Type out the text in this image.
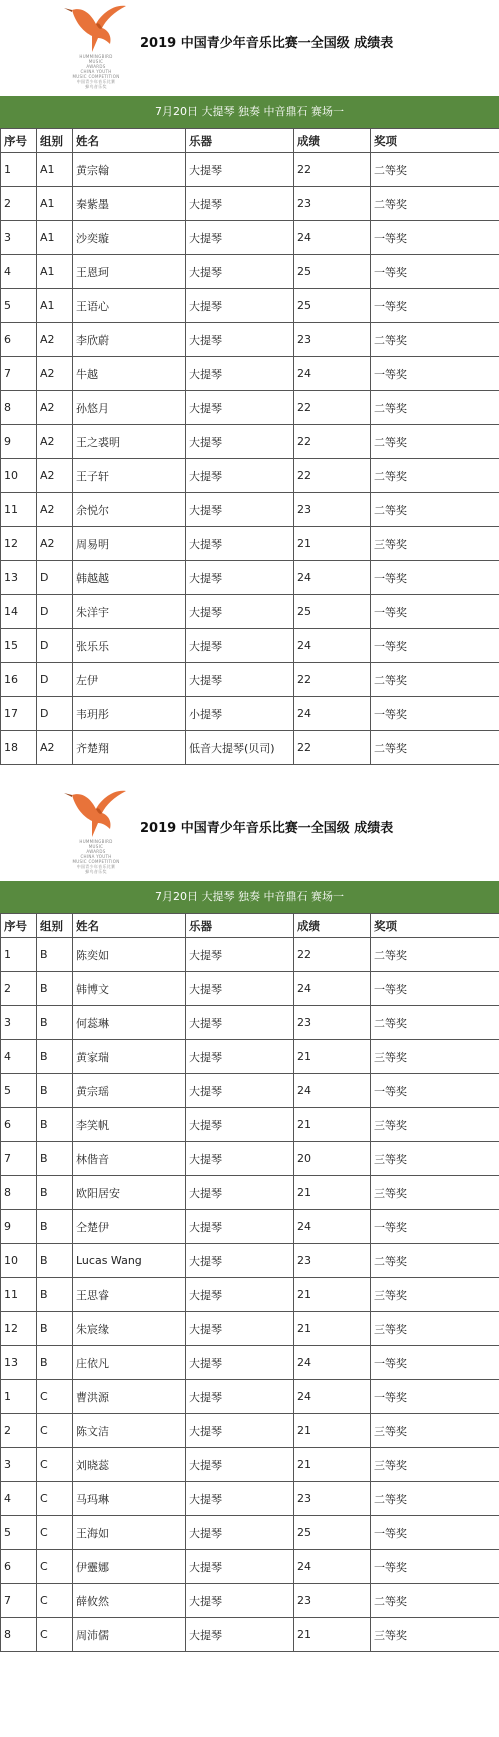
HUMMINGBIRD
MUSIC
AWARDS
CHINA YOUTH
MUSIC COMPETITION
中国青少年音乐比赛
蜂鸟音乐奖
2019 中国青少年音乐比赛一全国级 成绩表
7月20日 大提琴 独奏 中音鼎石 赛场一
序号	组别	姓名	乐器	成绩	奖项
1	A1	黄宗翰	大提琴	22	二等奖
2	A1	秦紫墨	大提琴	23	二等奖
3	A1	沙奕璇	大提琴	24	一等奖
4	A1	王恩珂	大提琴	25	一等奖
5	A1	王语心	大提琴	25	一等奖
6	A2	李欣蔚	大提琴	23	二等奖
7	A2	牛越	大提琴	24	一等奖
8	A2	孙悠月	大提琴	22	二等奖
9	A2	王之裘明	大提琴	22	二等奖
10	A2	王子轩	大提琴	22	二等奖
11	A2	余悦尔	大提琴	23	二等奖
12	A2	周易明	大提琴	21	三等奖
13	D	韩越越	大提琴	24	一等奖
14	D	朱洋宇	大提琴	25	一等奖
15	D	张乐乐	大提琴	24	一等奖
16	D	左伊	大提琴	22	二等奖
17	D	韦玥彤	小提琴	24	一等奖
18	A2	齐楚翔	低音大提琴(贝司)	22	二等奖
HUMMINGBIRD
MUSIC
AWARDS
CHINA YOUTH
MUSIC COMPETITION
中国青少年音乐比赛
蜂鸟音乐奖
2019 中国青少年音乐比赛一全国级 成绩表
7月20日 大提琴 独奏 中音鼎石 赛场一
序号	组别	姓名	乐器	成绩	奖项
1	B	陈奕如	大提琴	22	二等奖
2	B	韩博文	大提琴	24	一等奖
3	B	何蕊琳	大提琴	23	二等奖
4	B	黄家瑞	大提琴	21	三等奖
5	B	黄宗瑶	大提琴	24	一等奖
6	B	李笑帆	大提琴	21	三等奖
7	B	林偕音	大提琴	20	三等奖
8	B	欧阳居安	大提琴	21	三等奖
9	B	仝楚伊	大提琴	24	一等奖
10	B	Lucas Wang	大提琴	23	二等奖
11	B	王思睿	大提琴	21	三等奖
12	B	朱宸缘	大提琴	21	三等奖
13	B	庄依凡	大提琴	24	一等奖
1	C	曹洪源	大提琴	24	一等奖
2	C	陈文洁	大提琴	21	三等奖
3	C	刘晓蕊	大提琴	21	三等奖
4	C	马玛琳	大提琴	23	二等奖
5	C	王海如	大提琴	25	一等奖
6	C	伊靈娜	大提琴	24	一等奖
7	C	薛攸然	大提琴	23	二等奖
8	C	周沛儒	大提琴	21	三等奖
